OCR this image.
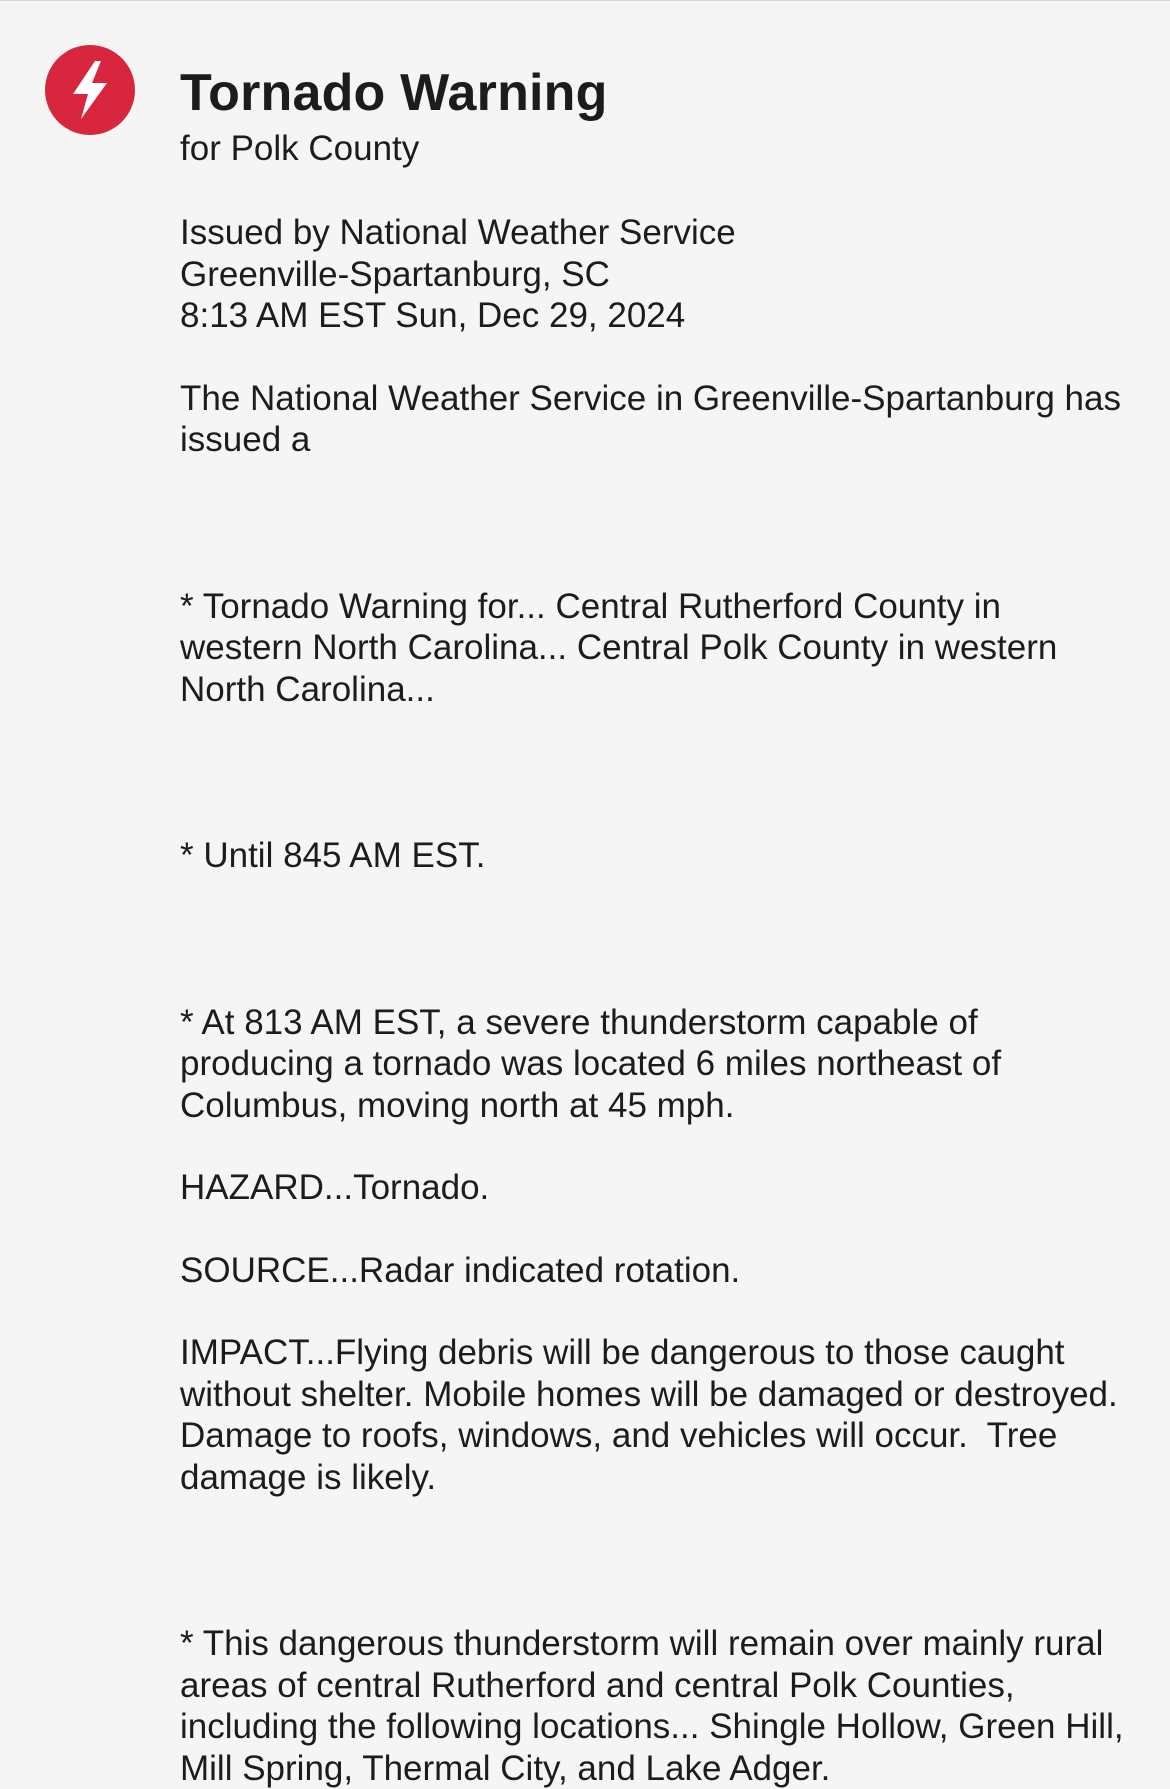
Tornado Warning

for Polk County

Issued by National Weather Service

Greenville-Spartanburg, SC

8:13 AM EST Sun, Dec 29, 2024

The National Weather Service in Greenville-Spartanburg has issued a

* Tornado Warning for... Central Rutherford County in western North Carolina... Central Polk County in western North Carolina...

* Until 845 AM EST.

* At 813 AM EST, a severe thunderstorm capable of producing a tornado was located 6 miles northeast of Columbus, moving north at 45 mph.

HAZARD...Tornado.

SOURCE...Radar indicated rotation.

IMPACT...Flying debris will be dangerous to those caught without shelter. Mobile homes will be damaged or destroyed. Damage to roofs, windows, and vehicles will occur.  Tree damage is likely.

* This dangerous thunderstorm will remain over mainly rural areas of central Rutherford and central Polk Counties, including the following locations... Shingle Hollow, Green Hill, Mill Spring, Thermal City, and Lake Adger.
